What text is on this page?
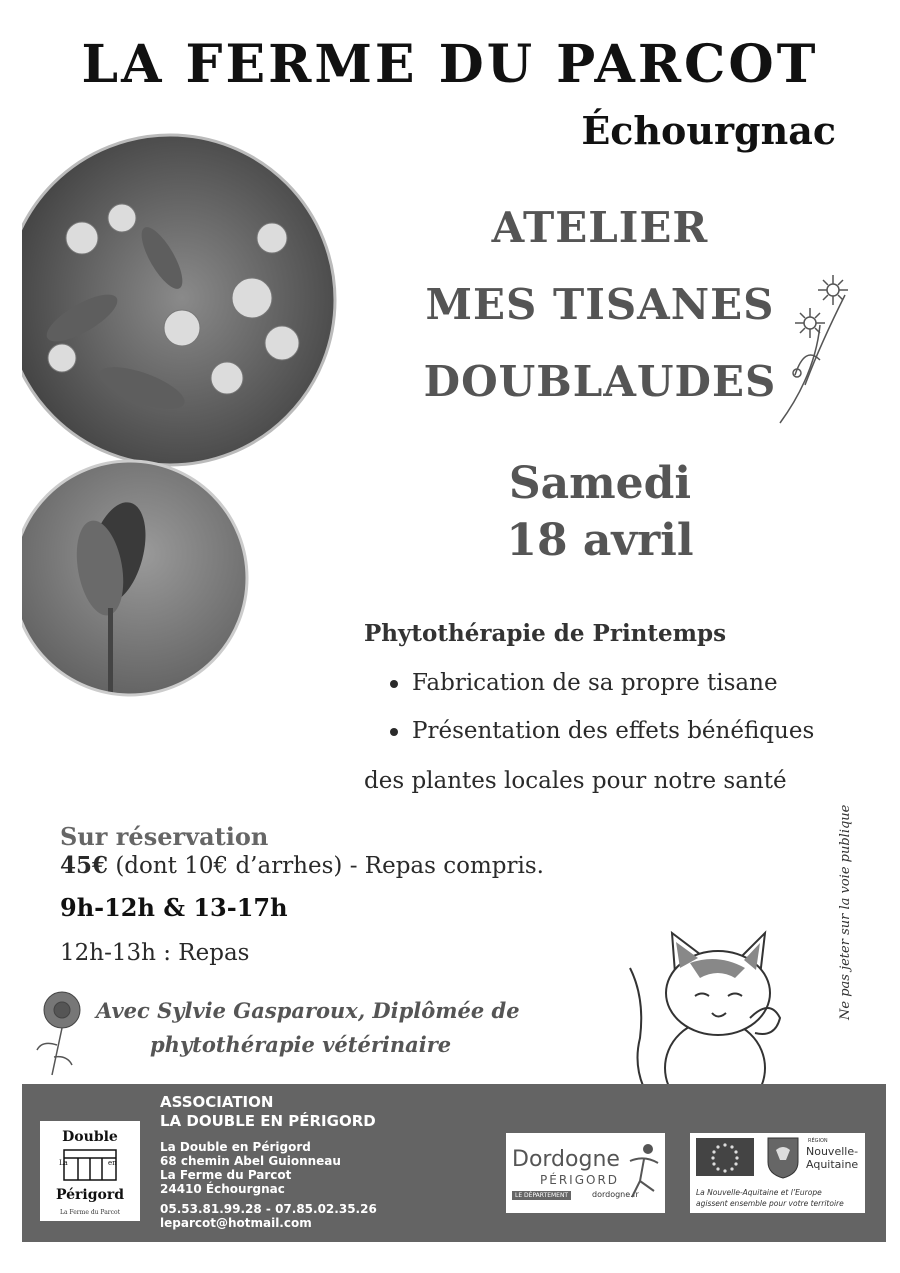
LA FERME DU PARCOT
Échourgnac
ATELIER
MES TISANES
DOUBLAUDES
Samedi
18 avril
Phytothérapie de Printemps
Fabrication de sa propre tisane
Présentation des effets bénéfiques
des plantes locales pour notre santé
Sur réservation
45€ (dont 10€ d’arrhes) - Repas compris.
9h-12h & 13-17h
12h-13h : Repas
Avec Sylvie Gasparoux, Diplômée de
phytothérapie vétérinaire
Ne pas jeter sur la voie publique
Double
La	en
Périgord
La Ferme du Parcot
ASSOCIATION
LA DOUBLE EN PÉRIGORD
La Double en Périgord
68 chemin Abel Guionneau
La Ferme du Parcot
24410 Échourgnac
05.53.81.99.28 - 07.85.02.35.26
leparcot@hotmail.com
Dordogne
PÉRIGORD
LE DÉPARTEMENT	dordogne.fr
RÉGION
Nouvelle-
Aquitaine
La Nouvelle-Aquitaine et l’Europe
agissent ensemble pour votre territoire
